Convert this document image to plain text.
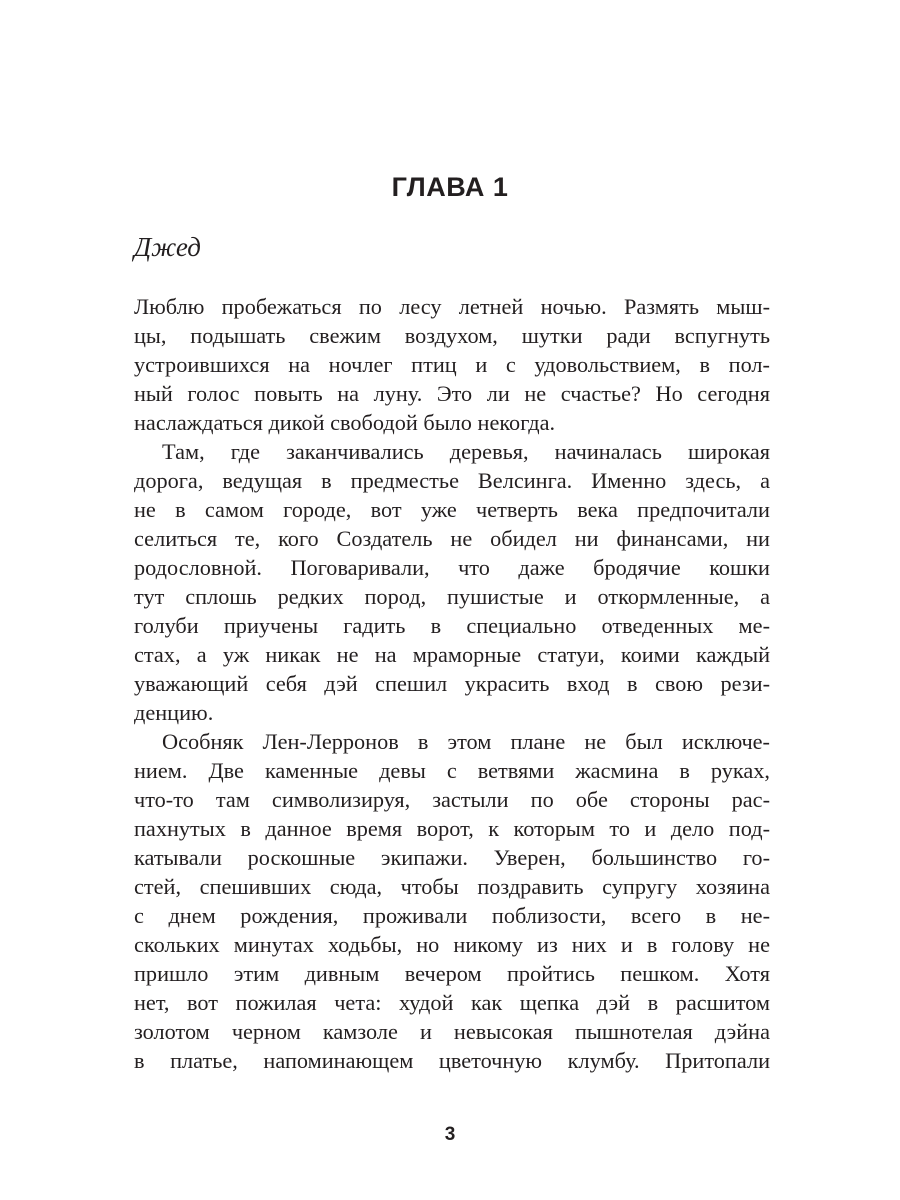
ГЛАВА 1
Джед
Люблю пробежаться по лесу летней ночью. Размять мыш-
цы, подышать свежим воздухом, шутки ради вспугнуть
устроившихся на ночлег птиц и с удовольствием, в пол-
ный голос повыть на луну. Это ли не счастье? Но сегодня
наслаждаться дикой свободой было некогда.
Там, где заканчивались деревья, начиналась широкая
дорога, ведущая в предместье Велсинга. Именно здесь, а
не в самом городе, вот уже четверть века предпочитали
селиться те, кого Создатель не обидел ни финансами, ни
родословной. Поговаривали, что даже бродячие кошки
тут сплошь редких пород, пушистые и откормленные, а
голуби приучены гадить в специально отведенных ме-
стах, а уж никак не на мраморные статуи, коими каждый
уважающий себя дэй спешил украсить вход в свою рези-
денцию.
Особняк Лен-Лерронов в этом плане не был исключе-
нием. Две каменные девы с ветвями жасмина в руках,
что-то там символизируя, застыли по обе стороны рас-
пахнутых в данное время ворот, к которым то и дело под-
катывали роскошные экипажи. Уверен, большинство го-
стей, спешивших сюда, чтобы поздравить супругу хозяина
с днем рождения, проживали поблизости, всего в не-
скольких минутах ходьбы, но никому из них и в голову не
пришло этим дивным вечером пройтись пешком. Хотя
нет, вот пожилая чета: худой как щепка дэй в расшитом
золотом черном камзоле и невысокая пышнотелая дэйна
в платье, напоминающем цветочную клумбу. Притопали
3
